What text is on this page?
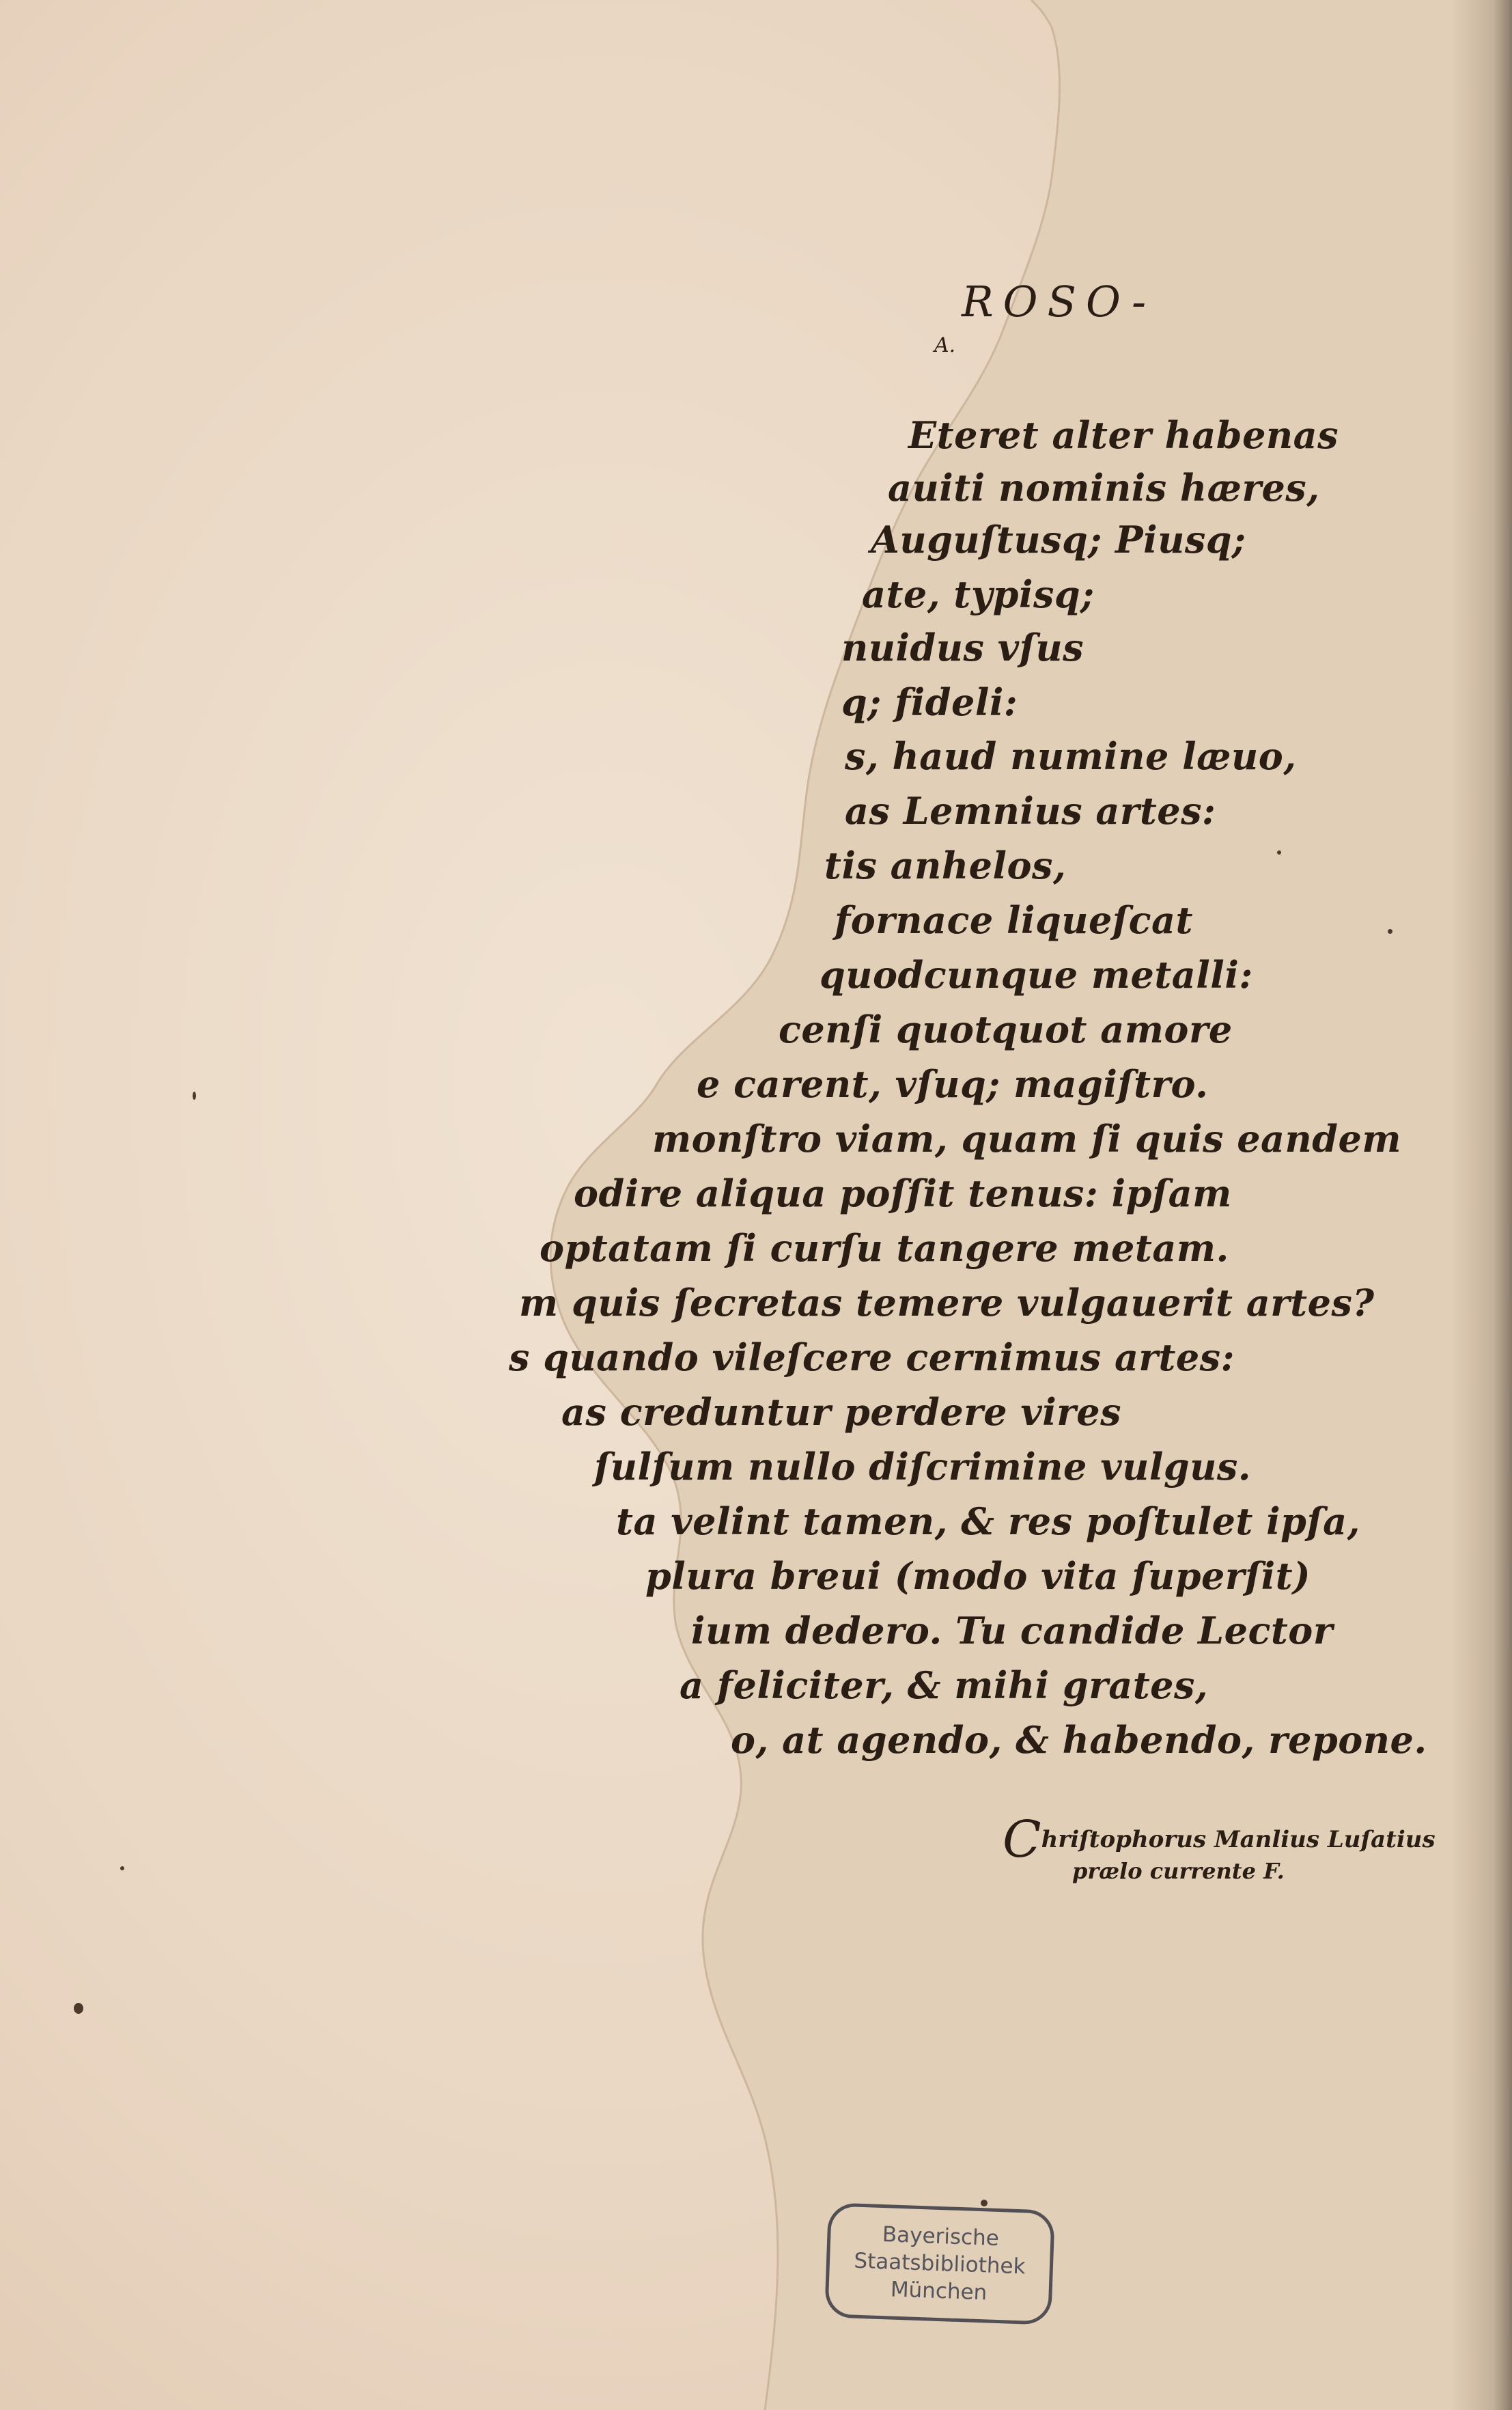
ROSO-
A.
Eteret alter habenas
auiti nominis hæres,
Auguſtusq; Piusq;
ate, typisq;
nuidus vſus
q; fideli:
s, haud numine læuo,
as Lemnius artes:
tis anhelos,
fornace liqueſcat
quodcunque metalli:
cenſi quotquot amore
e carent, vſuq; magiſtro.
monſtro viam, quam ſi quis eandem
odire aliqua poſſit tenus: ipſam
optatam ſi curſu tangere metam.
m quis ſecretas temere vulgauerit artes?
s quando vileſcere cernimus artes:
as creduntur perdere vires
ſulſum nullo diſcrimine vulgus.
ta velint tamen, & res poſtulet ipſa,
plura breui (modo vita ſuperſit)
ium dedero. Tu candide Lector
a feliciter, & mihi grates,
o, at agendo, & habendo, repone.
Chriſtophorus Manlius Luſatius
prælo currente F.
Bayerische
Staatsbibliothek
München
